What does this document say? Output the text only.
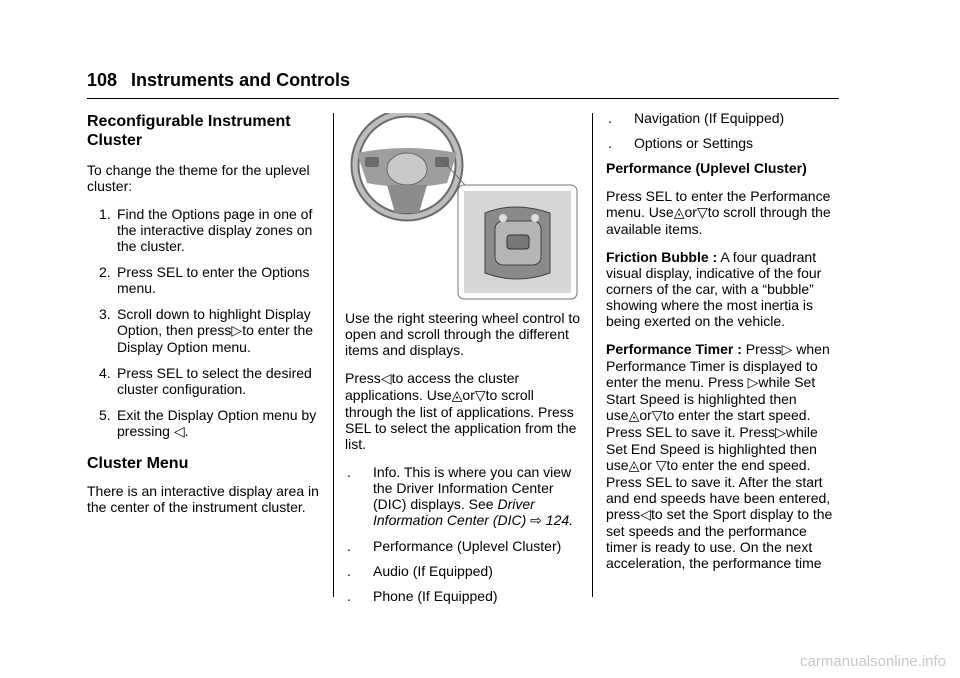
108 Instruments and Controls
Reconfigurable Instrument Cluster

To change the theme for the uplevel cluster:

1. Find the Options page in one of the interactive display zones on the cluster.
2. Press SEL to enter the Options menu.
3. Scroll down to highlight Display Option, then press▷to enter the Display Option menu.
4. Press SEL to select the desired cluster configuration.
5. Exit the Display Option menu by pressing ◁.
Cluster Menu

There is an interactive display area in the center of the instrument cluster.

Use the right steering wheel control to open and scroll through the different items and displays.

Press◁to access the cluster applications. Use◬or▽to scroll through the list of applications. Press SEL to select the application from the list.

. Info. This is where you can view the Driver Information Center (DIC) displays. See Driver Information Center (DIC) ⇨ 124.
. Performance (Uplevel Cluster)
. Audio (If Equipped)
. Phone (If Equipped)
. Navigation (If Equipped)
. Options or Settings

Performance (Uplevel Cluster)

Press SEL to enter the Performance menu. Use◬or▽to scroll through the available items.

Friction Bubble : A four quadrant visual display, indicative of the four corners of the car, with a “bubble” showing where the most inertia is being exerted on the vehicle.

Performance Timer : Press▷ when Performance Timer is displayed to enter the menu. Press ▷while Set Start Speed is highlighted then use◬or▽to enter the start speed. Press SEL to save it. Press▷while Set End Speed is highlighted then use◬or ▽to enter the end speed. Press SEL to save it. After the start and end speeds have been entered, press◁to set the Sport display to the set speeds and the performance timer is ready to use. On the next acceleration, the performance time

carmanualsonline.info
